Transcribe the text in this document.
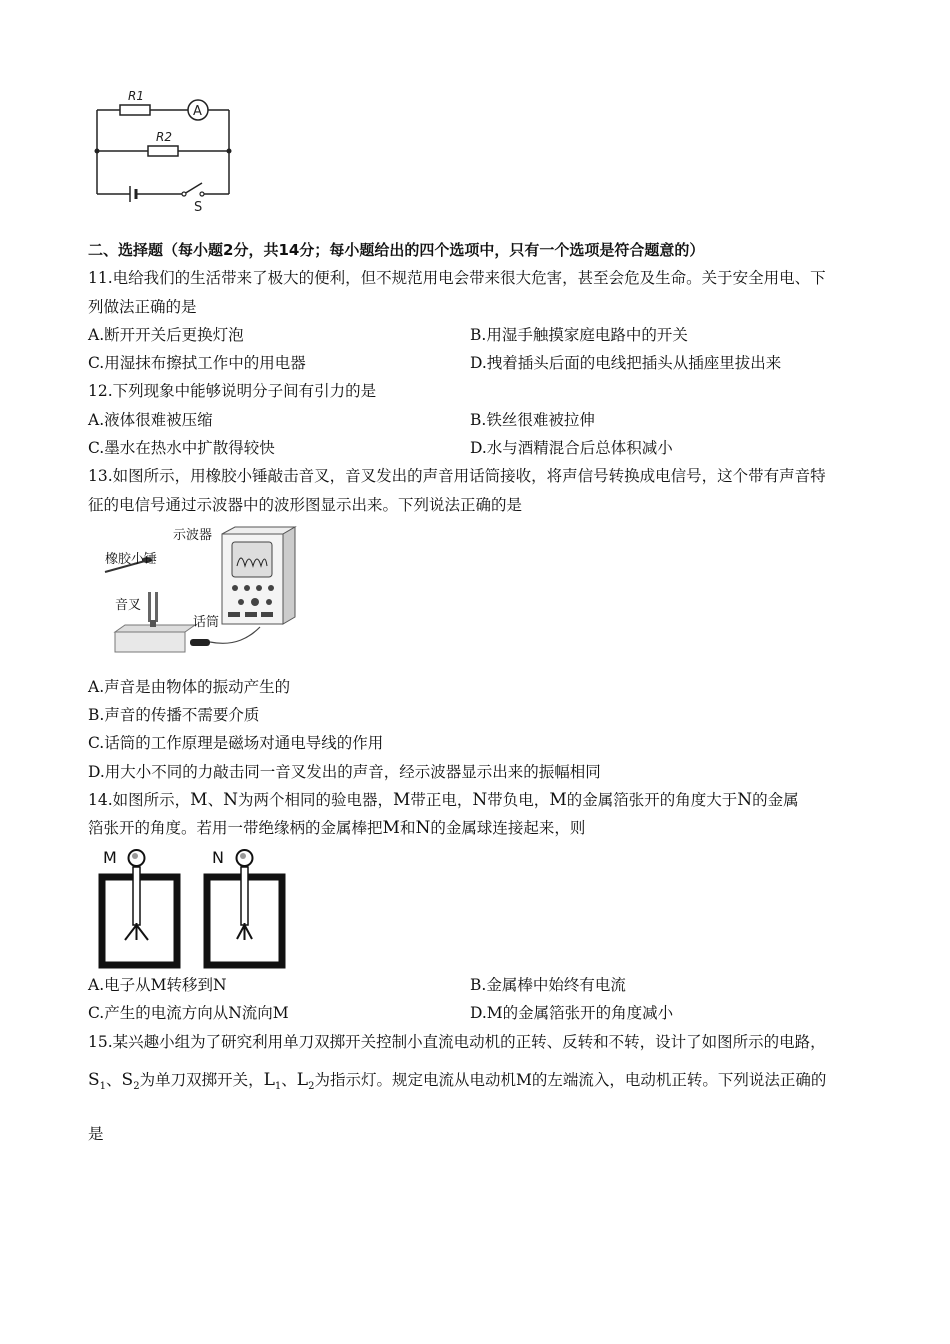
R1
A
R2
S
二、选择题（每小题2分，共14分；每小题给出的四个选项中，只有一个选项是符合题意的）
11.电给我们的生活带来了极大的便利，但不规范用电会带来很大危害，甚至会危及生命。关于安全用电、下
列做法正确的是
A.断开开关后更换灯泡	B.用湿手触摸家庭电路中的开关
C.用湿抹布擦拭工作中的用电器	D.拽着插头后面的电线把插头从插座里拔出来
12.下列现象中能够说明分子间有引力的是
A.液体很难被压缩	B.铁丝很难被拉伸
C.墨水在热水中扩散得较快	D.水与酒精混合后总体积减小
13.如图所示，用橡胶小锤敲击音叉，音叉发出的声音用话筒接收，将声信号转换成电信号，这个带有声音特
征的电信号通过示波器中的波形图显示出来。下列说法正确的是
示波器
橡胶小锤
音叉
话筒
A.声音是由物体的振动产生的
B.声音的传播不需要介质
C.话筒的工作原理是磁场对通电导线的作用
D.用大小不同的力敲击同一音叉发出的声音，经示波器显示出来的振幅相同
14.如图所示，M、N为两个相同的验电器，M带正电，N带负电，M的金属箔张开的角度大于N的金属
箔张开的角度。若用一带绝缘柄的金属棒把M和N的金属球连接起来，则
M	N
A.电子从M转移到N	B.金属棒中始终有电流
C.产生的电流方向从N流向M	D.M的金属箔张开的角度减小
15.某兴趣小组为了研究利用单刀双掷开关控制小直流电动机的正转、反转和不转，设计了如图所示的电路，
$S_1$、$S_2$为单刀双掷开关，$L_1$、$L_2$为指示灯。规定电流从电动机M的左端流入，电动机正转。下列说法正确的
是
